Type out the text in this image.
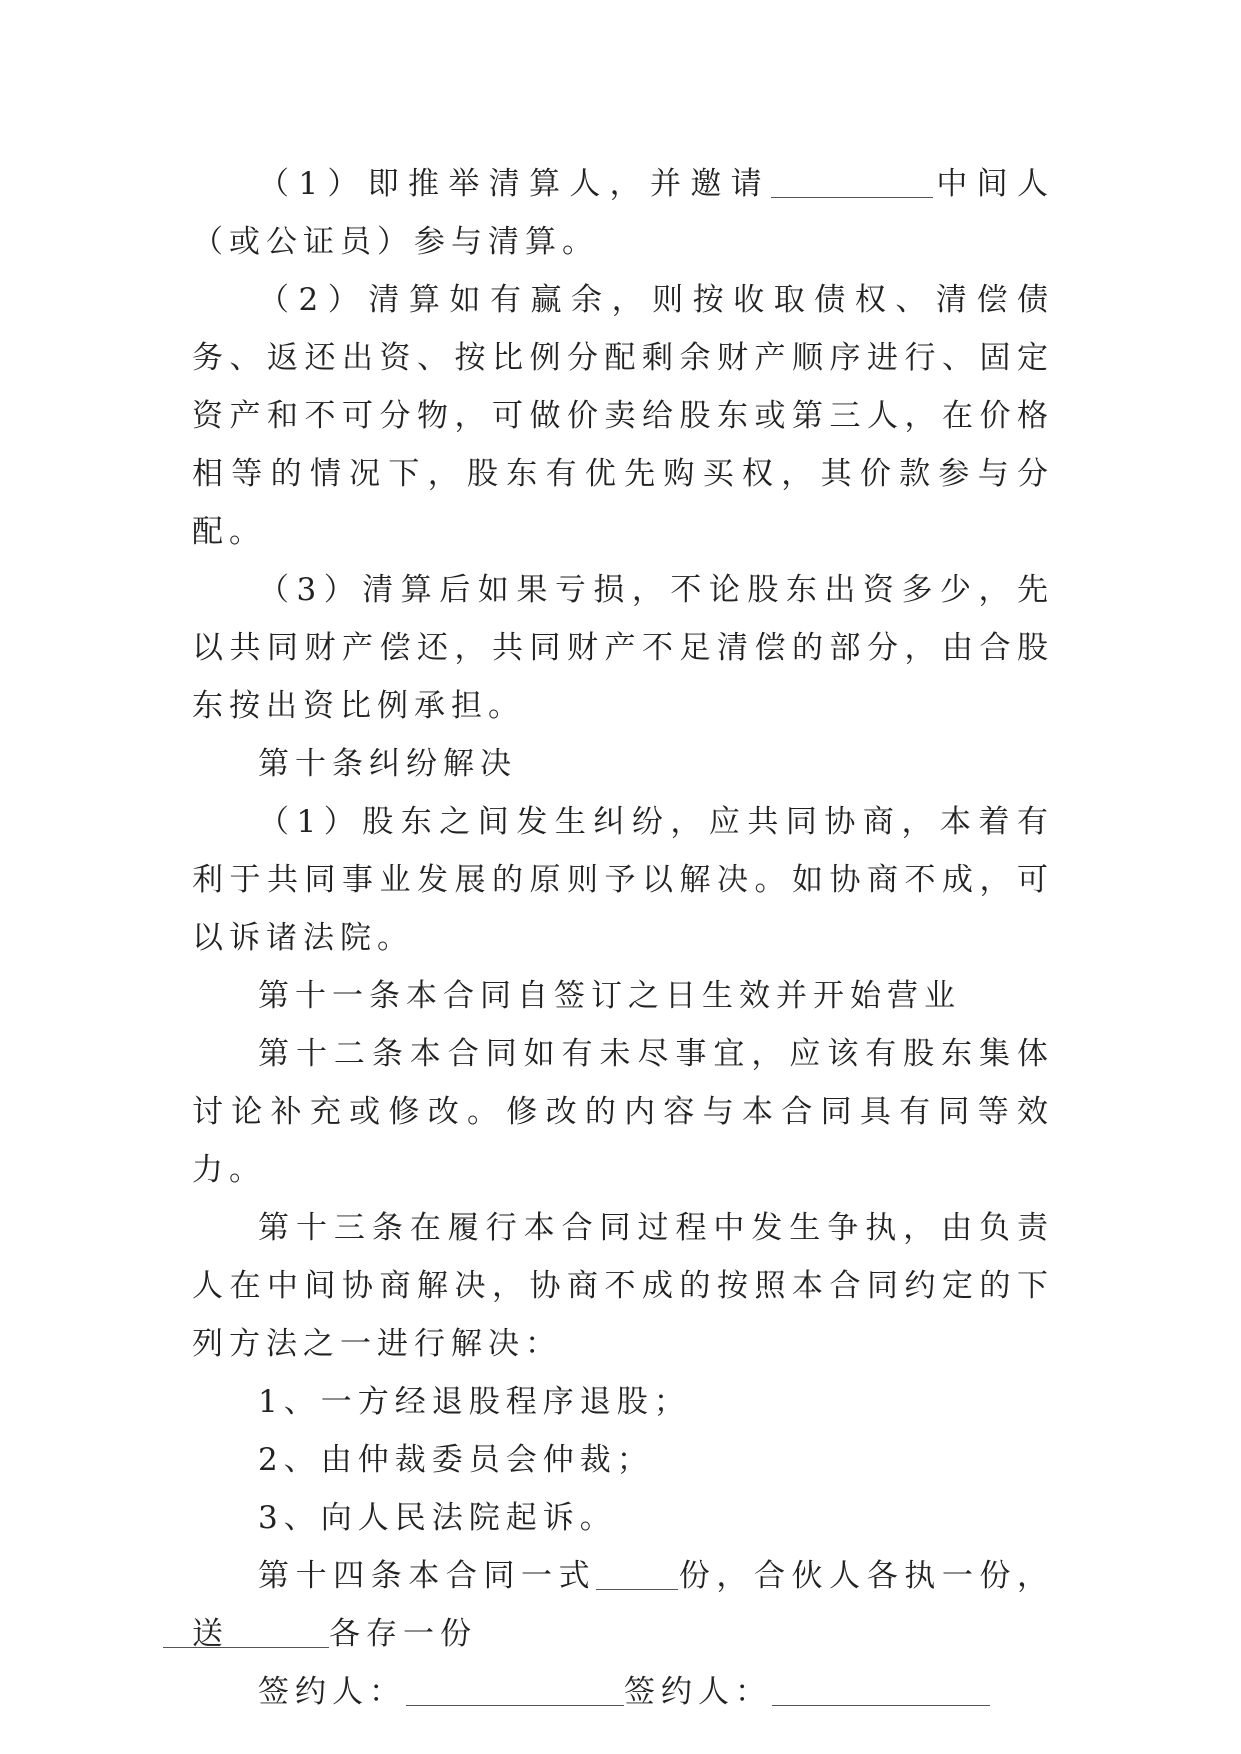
（1）即推举清算人，并邀请	中间人（或公证员）参与清算。

（2）清算如有赢余，则按收取债权、清偿债务、返还出资、按比例分配剩余财产顺序进行、固定资产和不可分物，可做价卖给股东或第三人，在价格相等的情况下，股东有优先购买权，其价款参与分配。

（3）清算后如果亏损，不论股东出资多少，先以共同财产偿还，共同财产不足清偿的部分，由合股东按出资比例承担。

第十条纠纷解决

（1）股东之间发生纠纷，应共同协商，本着有利于共同事业发展的原则予以解决。如协商不成，可以诉诸法院。

第十一条本合同自签订之日生效并开始营业

第十二条本合同如有未尽事宜，应该有股东集体讨论补充或修改。修改的内容与本合同具有同等效力。

第十三条在履行本合同过程中发生争执，由负责人在中间协商解决，协商不成的按照本合同约定的下列方法之一进行解决：

1、一方经退股程序退股；

2、由仲裁委员会仲裁；

3、向人民法院起诉。

第十四条本合同一式	份，合伙人各执一份，送	各存一份

签约人：	签约人：
